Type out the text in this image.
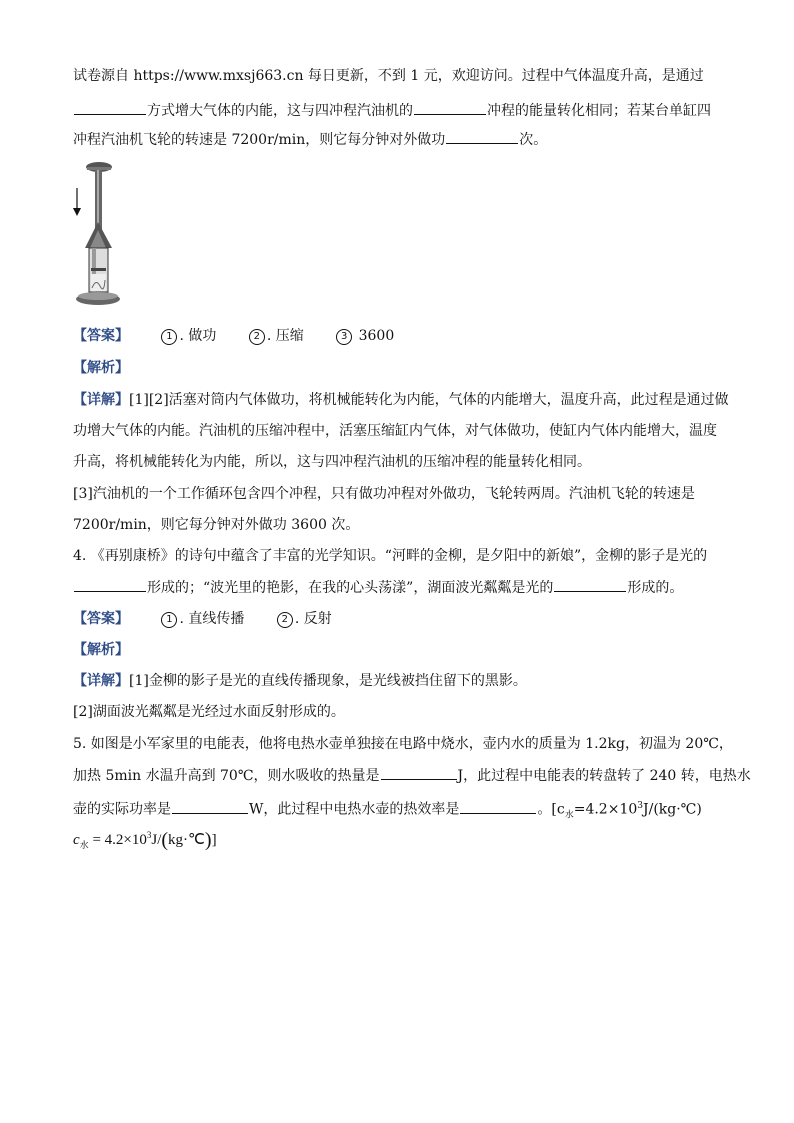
试卷源自 https://www.mxsj663.cn 每日更新，不到 1 元，欢迎访问。过程中气体温度升高，是通过
方式增大气体的内能，这与四冲程汽油机的	冲程的能量转化相同；若某台单缸四
冲程汽油机飞轮的转速是 7200r/min，则它每分钟对外做功	次。
【答案】	1 . 做功	2 . 压缩	3 3600
【解析】
【详解】[1][2]活塞对筒内气体做功，将机械能转化为内能，气体的内能增大，温度升高，此过程是通过做
功增大气体的内能。汽油机的压缩冲程中，活塞压缩缸内气体，对气体做功，使缸内气体内能增大，温度
升高，将机械能转化为内能，所以，这与四冲程汽油机的压缩冲程的能量转化相同。
[3]汽油机的一个工作循环包含四个冲程，只有做功冲程对外做功，飞轮转两周。汽油机飞轮的转速是
7200r/min，则它每分钟对外做功 3600 次。
4. 《再别康桥》的诗句中蕴含了丰富的光学知识。“河畔的金柳，是夕阳中的新娘”，金柳的影子是光的
形成的；“波光里的艳影，在我的心头荡漾”，湖面波光粼粼是光的	形成的。
【答案】	1 . 直线传播	2 . 反射
【解析】
【详解】[1]金柳的影子是光的直线传播现象，是光线被挡住留下的黑影。
[2]湖面波光粼粼是光经过水面反射形成的。
5. 如图是小军家里的电能表，他将电热水壶单独接在电路中烧水，壶内水的质量为 1.2kg，初温为 20℃，
加热 5min 水温升高到 70℃，则水吸收的热量是	J，此过程中电能表的转盘转了 240 转，电热水
壶的实际功率是	W，此过程中电热水壶的热效率是	。[$c_水=4.2\times 10^3J/(kg\cdot℃)$
$c_水$ = $4.2\times 10^3J/(kg\cdot℃)$]
